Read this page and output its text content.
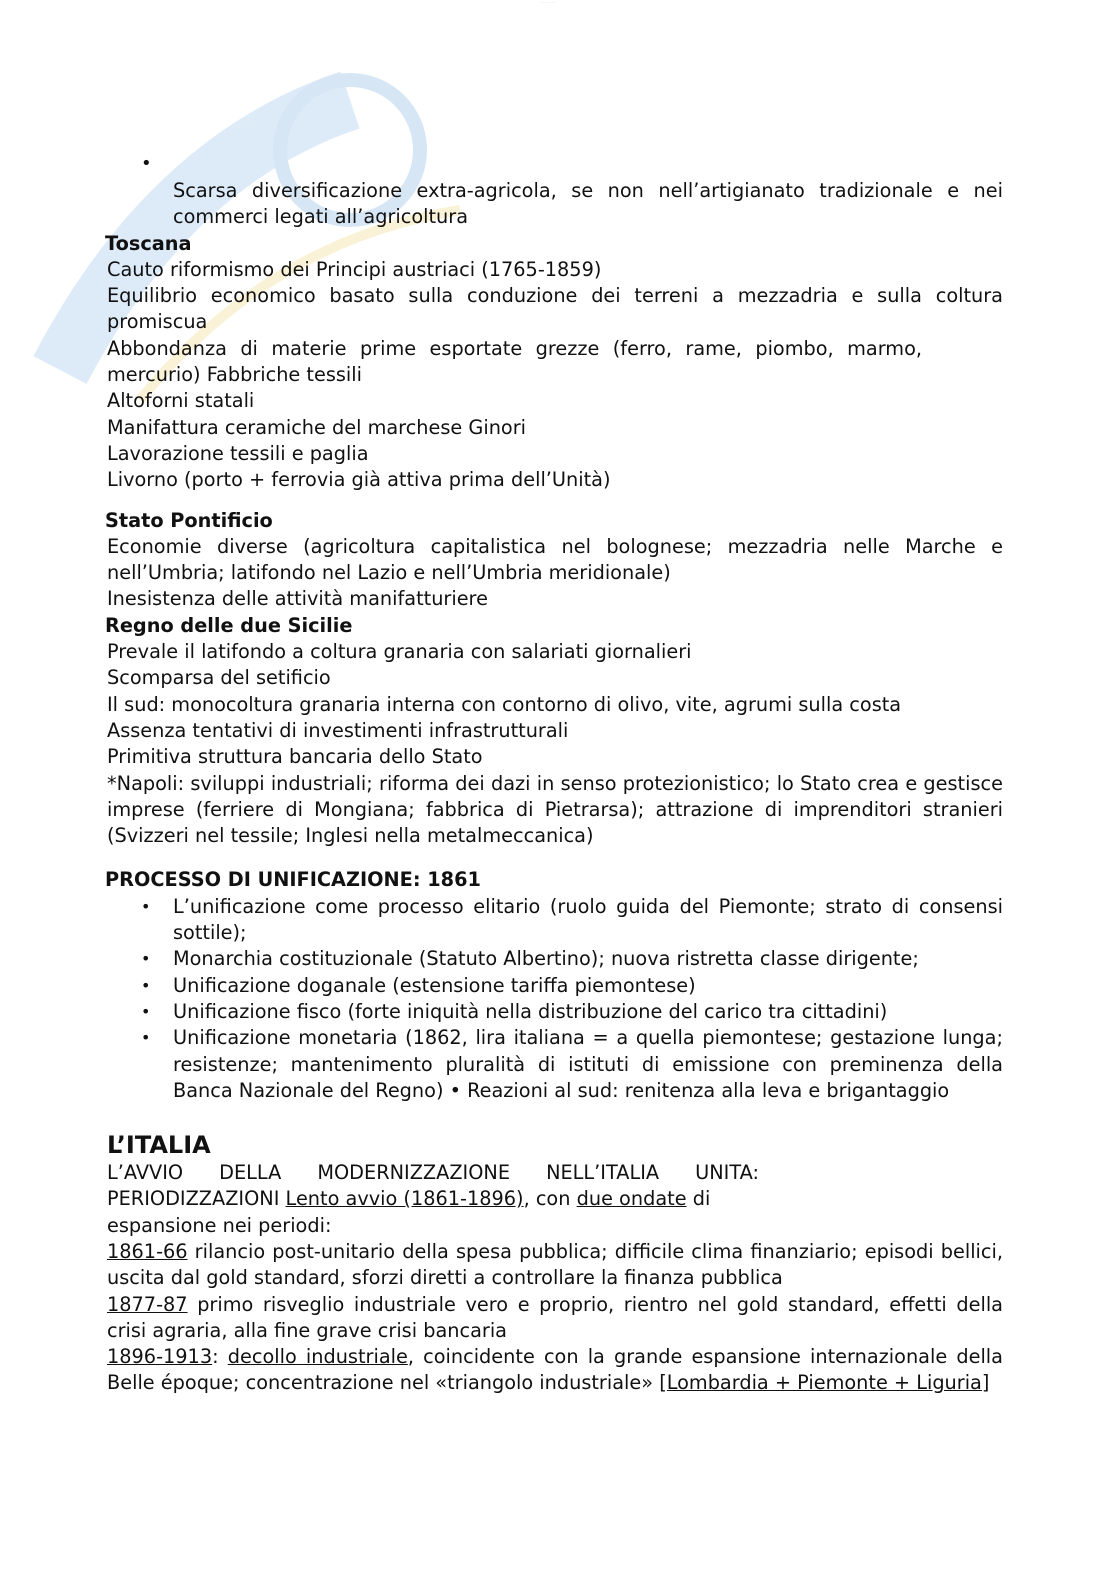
- - - - - - - -
•
Scarsa diversificazione extra-agricola, se non nell’artigianato tradizionale e nei commerci legati all’agricoltura
Toscana
Cauto riformismo dei Principi austriaci (1765-1859)
Equilibrio economico basato sulla conduzione dei terreni a mezzadria e sulla coltura promiscua
Abbondanza di materie prime esportate grezze (ferro, rame, piombo, marmo, mercurio) Fabbriche tessili
Altoforni statali
Manifattura ceramiche del marchese Ginori
Lavorazione tessili e paglia
Livorno (porto + ferrovia già attiva prima dell’Unità)
Stato Pontificio
Economie diverse (agricoltura capitalistica nel bolognese; mezzadria nelle Marche e nell’Umbria; latifondo nel Lazio e nell’Umbria meridionale)
Inesistenza delle attività manifatturiere
Regno delle due Sicilie
Prevale il latifondo a coltura granaria con salariati giornalieri
Scomparsa del setificio
Il sud: monocoltura granaria interna con contorno di olivo, vite, agrumi sulla costa
Assenza tentativi di investimenti infrastrutturali
Primitiva struttura bancaria dello Stato
*Napoli: sviluppi industriali; riforma dei dazi in senso protezionistico; lo Stato crea e gestisce imprese (ferriere di Mongiana; fabbrica di Pietrarsa); attrazione di imprenditori stranieri (Svizzeri nel tessile; Inglesi nella metalmeccanica)
PROCESSO DI UNIFICAZIONE: 1861
• L’unificazione come processo elitario (ruolo guida del Piemonte; strato di consensi sottile);
• Monarchia costituzionale (Statuto Albertino); nuova ristretta classe dirigente;
• Unificazione doganale (estensione tariffa piemontese)
• Unificazione fisco (forte iniquità nella distribuzione del carico tra cittadini)
• Unificazione monetaria (1862, lira italiana = a quella piemontese; gestazione lunga; resistenze; mantenimento pluralità di istituti di emissione con preminenza della Banca Nazionale del Regno) • Reazioni al sud: renitenza alla leva e brigantaggio
L’ITALIA
L’AVVIO DELLA MODERNIZZAZIONE NELL’ITALIA UNITA:
PERIODIZZAZIONI Lento avvio (1861-1896), con due ondate di
espansione nei periodi:
1861-66 rilancio post-unitario della spesa pubblica; difficile clima finanziario; episodi bellici, uscita dal gold standard, sforzi diretti a controllare la finanza pubblica
1877-87 primo risveglio industriale vero e proprio, rientro nel gold standard, effetti della crisi agraria, alla fine grave crisi bancaria
1896-1913: decollo industriale, coincidente con la grande espansione internazionale della Belle époque; concentrazione nel «triangolo industriale» [Lombardia + Piemonte + Liguria]
